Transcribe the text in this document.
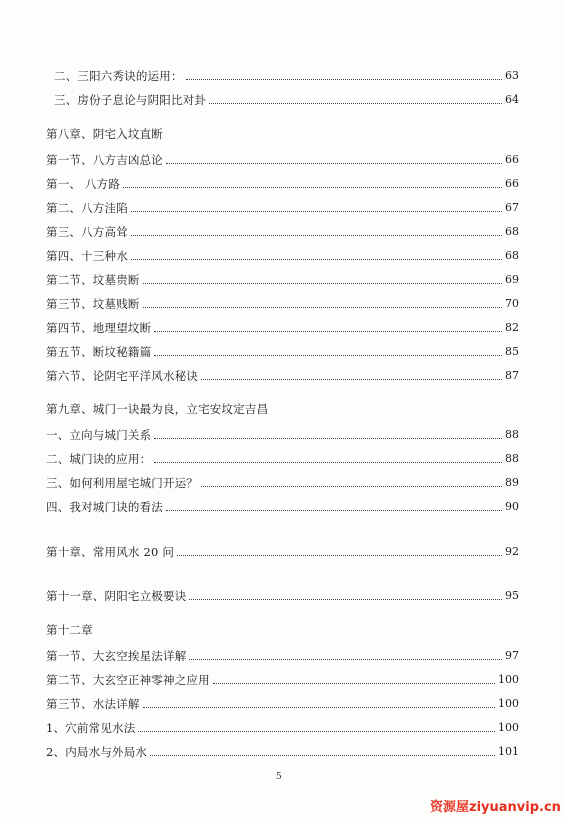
二、三阳六秀诀的运用：	63
三、房份子息论与阴阳比对卦	64
第八章、阴宅入坟直断
第一节、八方吉凶总论	66
第一、 八方路	66
第二、八方洼陷	67
第三、八方高耸	68
第四、十三种水	68
第二节、坟墓贵断	69
第三节、坟墓贱断	70
第四节、地理望坟断	82
第五节、断坟秘籍篇	85
第六节、论阴宅平洋风水秘诀	87
第九章、城门一诀最为良，立宅安坟定吉昌
一、立向与城门关系	88
二、城门诀的应用：	88
三、如何利用屋宅城门开运？	89
四、我对城门诀的看法	90
第十章、常用风水 20 问	92
第十一章、阴阳宅立极要诀	95
第十二章
第一节、大玄空挨星法详解	97
第二节、大玄空正神零神之应用	100
第三节、水法详解	100
1、穴前常见水法	100
2、内局水与外局水	101
5
资源屋ziyuanvip.cn
